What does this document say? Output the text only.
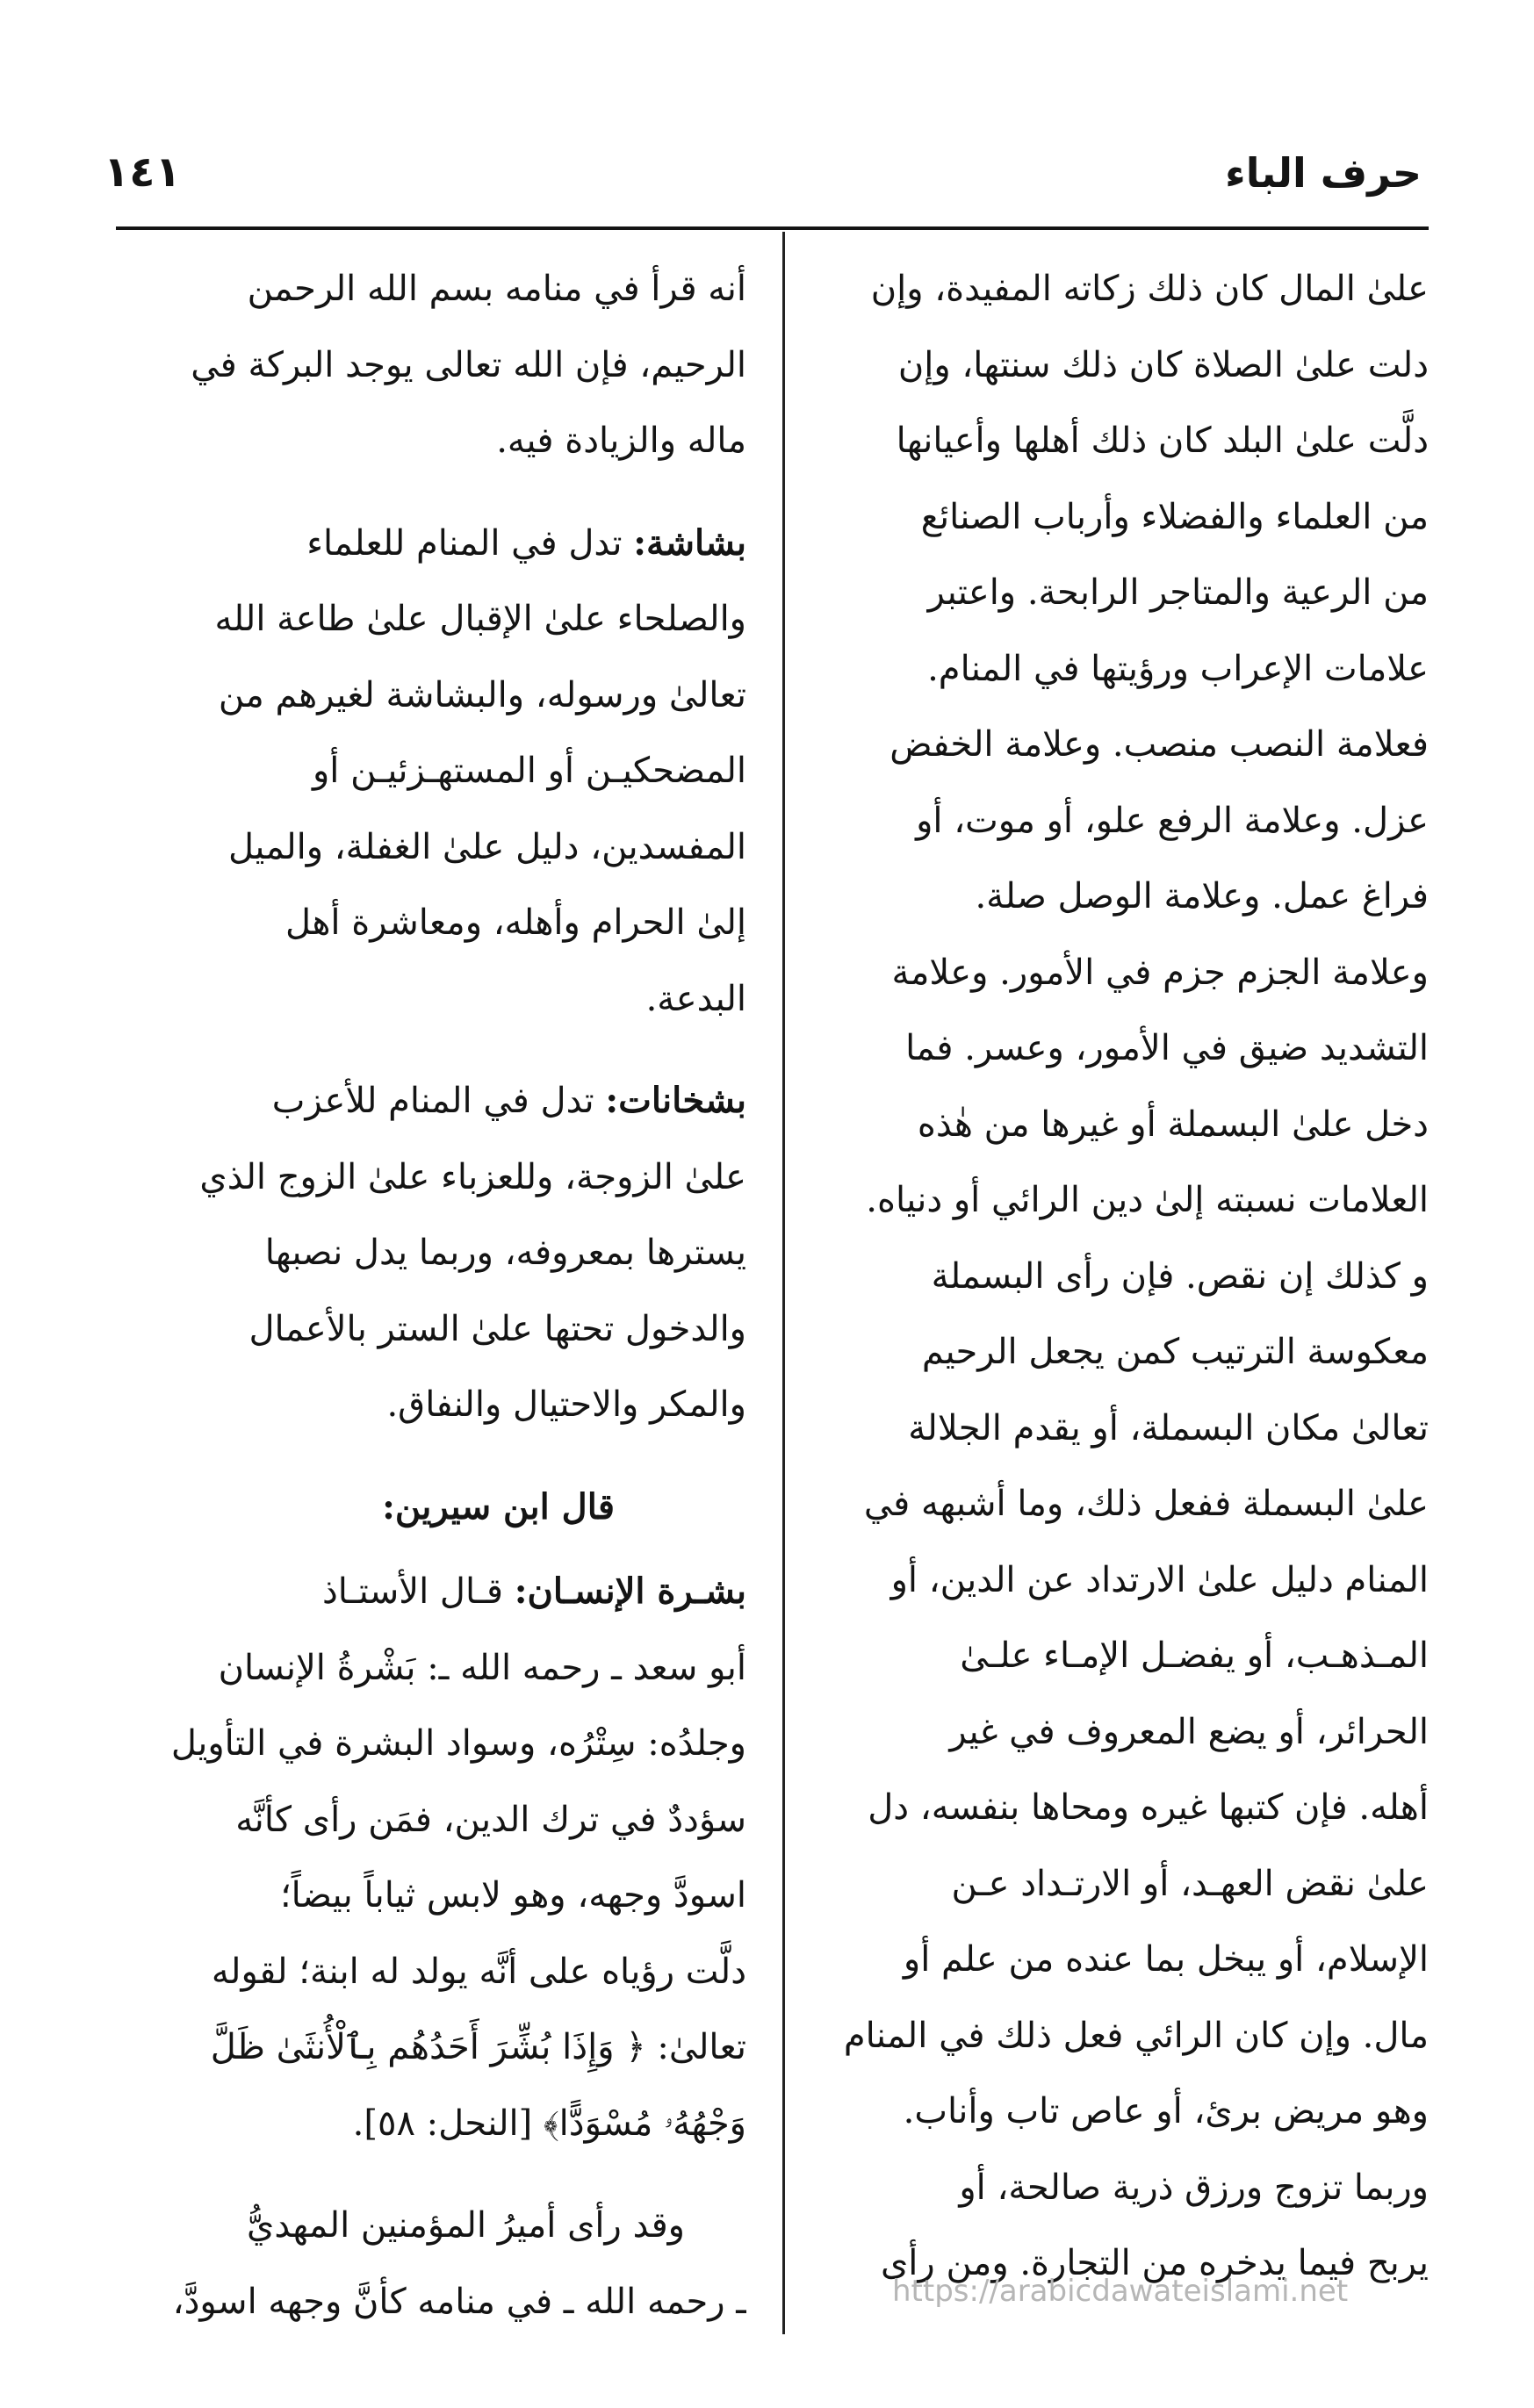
حرف الباء
١٤١
علىٰ المال كان ذلك زكاته المفيدة، وإن
دلت علىٰ الصلاة كان ذلك سنتها، وإن
دلَّت علىٰ البلد كان ذلك أهلها وأعيانها
من العلماء والفضلاء وأرباب الصنائع
من الرعية والمتاجر الرابحة. واعتبر
علامات الإعراب ورؤيتها في المنام.
فعلامة النصب منصب. وعلامة الخفض
عزل. وعلامة الرفع علو، أو موت، أو
فراغ عمل. وعلامة الوصل صلة.
وعلامة الجزم جزم في الأمور. وعلامة
التشديد ضيق في الأمور، وعسر. فما
دخل علىٰ البسملة أو غيرها من هٰذه
العلامات نسبته إلىٰ دين الرائي أو دنياه.
و كذلك إن نقص. فإن رأى البسملة
معكوسة الترتيب كمن يجعل الرحيم
تعالىٰ مكان البسملة، أو يقدم الجلالة
علىٰ البسملة ففعل ذلك، وما أشبهه في
المنام دليل علىٰ الارتداد عن الدين، أو
المـذهـب، أو يفضـل الإمـاء علـىٰ
الحرائر، أو يضع المعروف في غير
أهله. فإن كتبها غيره ومحاها بنفسه، دل
علىٰ نقض العهـد، أو الارتـداد عـن
الإسلام، أو يبخل بما عنده من علم أو
مال. وإن كان الرائي فعل ذلك في المنام
وهو مريض برئ، أو عاص تاب وأناب.
وربما تزوج ورزق ذرية صالحة، أو
يربح فيما يدخره من التجارة. ومن رأى
أنه قرأ في منامه بسم الله الرحمن
الرحيم، فإن الله تعالى يوجد البركة في
ماله والزيادة فيه.
بشاشة: تدل في المنام للعلماء
والصلحاء علىٰ الإقبال علىٰ طاعة الله
تعالىٰ ورسوله، والبشاشة لغيرهم من
المضحكيـن أو المستهـزئيـن أو
المفسدين، دليل علىٰ الغفلة، والميل
إلىٰ الحرام وأهله، ومعاشرة أهل
البدعة.
بشخانات: تدل في المنام للأعزب
علىٰ الزوجة، وللعزباء علىٰ الزوج الذي
يسترها بمعروفه، وربما يدل نصبها
والدخول تحتها علىٰ الستر بالأعمال
والمكر والاحتيال والنفاق.
قال ابن سيرين:
بشـرة الإنسـان: قـال الأستـاذ
أبو سعد ـ رحمه الله ـ: بَشْرةُ الإنسان
وجلدُه: سِتْرُه، وسواد البشرة في التأويل
سؤددٌ في ترك الدين، فمَن رأى كأنَّه
اسودَّ وجهه، وهو لابس ثياباً بيضاً؛
دلَّت رؤياه على أنَّه يولد له ابنة؛ لقوله
تعالىٰ: ﴿ وَإِذَا بُشِّرَ أَحَدُهُم بِٱلْأُنثَىٰ ظَلَّ
وَجْهُهُۥ مُسْوَدًّا﴾ [النحل: ٥٨].
وقد رأى أميرُ المؤمنين المهديُّ
ـ رحمه الله ـ في منامه كأنَّ وجهه اسودَّ،	https://arabicdawateislami.net
